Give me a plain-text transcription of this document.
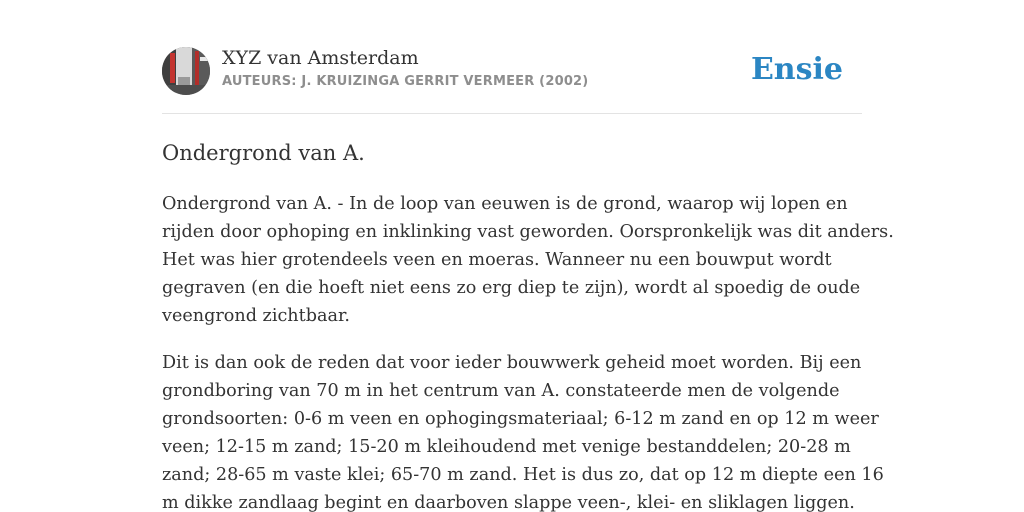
XYZ van Amsterdam
AUTEURS: J. KRUIZINGA GERRIT VERMEER (2002)	Ensie
Ondergrond van A.

Ondergrond van A. - In de loop van eeuwen is de grond, waarop wij lopen en
rijden door ophoping en inklinking vast geworden. Oorspronkelijk was dit anders.
Het was hier grotendeels veen en moeras. Wanneer nu een bouwput wordt
gegraven (en die hoeft niet eens zo erg diep te zijn), wordt al spoedig de oude
veengrond zichtbaar.

Dit is dan ook de reden dat voor ieder bouwwerk geheid moet worden. Bij een
grondboring van 70 m in het centrum van A. constateerde men de volgende
grondsoorten: 0-6 m veen en ophogingsmateriaal; 6-12 m zand en op 12 m weer
veen; 12-15 m zand; 15-20 m kleihoudend met venige bestanddelen; 20-28 m
zand; 28-65 m vaste klei; 65-70 m zand. Het is dus zo, dat op 12 m diepte een 16
m dikke zandlaag begint en daarboven slappe veen-, klei- en sliklagen liggen.
